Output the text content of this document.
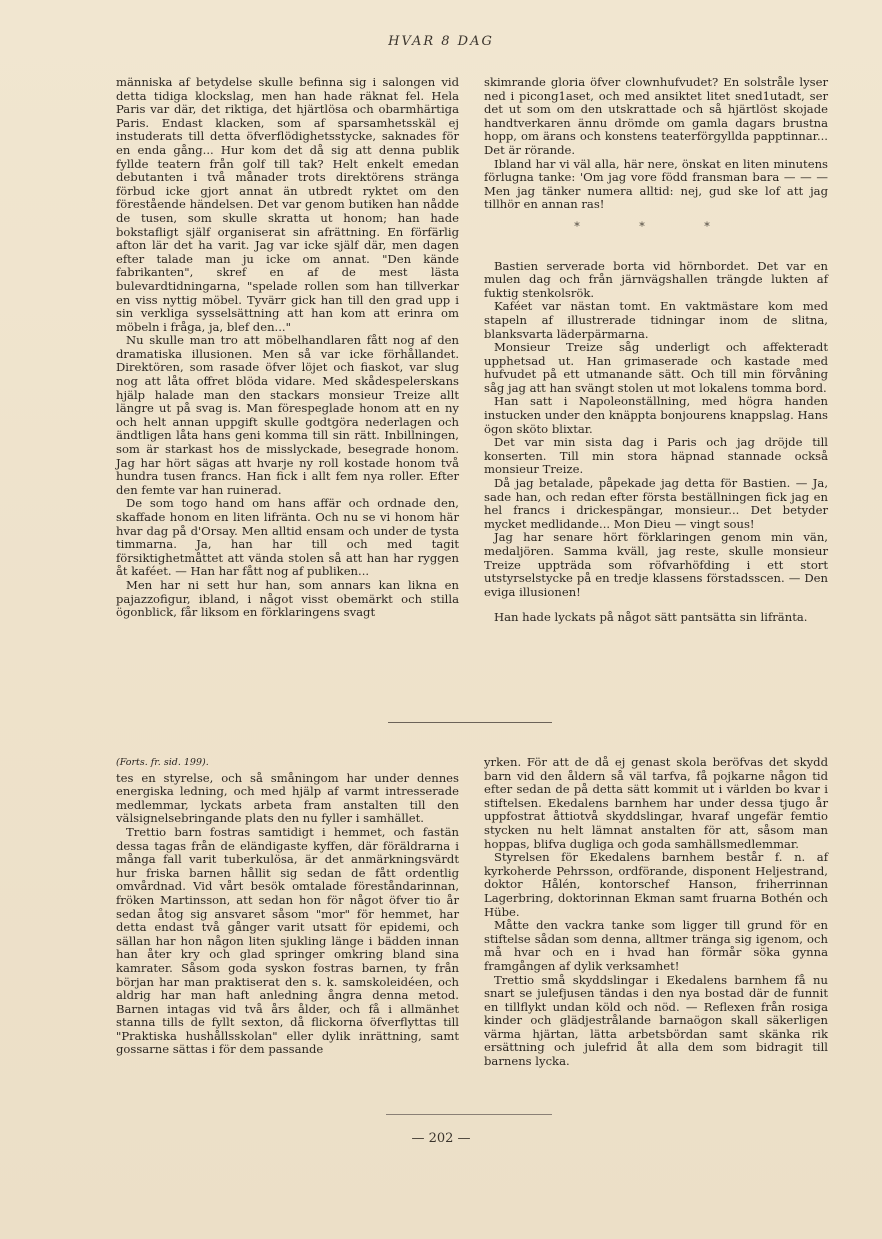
HVAR 8 DAG

människa af betydelse skulle befinna sig i salongen vid detta tidiga klockslag, men han hade räknat fel. Hela Paris var där, det riktiga, det hjärtlösa och obarmhärtiga Paris. Endast klacken, som af sparsamhetsskäl ej instuderats till detta öfverflödighetsstycke, saknades för en enda gång... Hur kom det då sig att denna publik fyllde teatern från golf till tak? Helt enkelt emedan debutanten i två månader trots direktörens stränga förbud icke gjort annat än utbredt ryktet om den förestående händelsen. Det var genom butiken han nådde de tusen, som skulle skratta ut honom; han hade bokstafligt själf organiserat sin afrättning. En förfärlig afton lär det ha varit. Jag var icke själf där, men dagen efter talade man ju icke om annat. "Den kände fabrikanten", skref en af de mest lästa bulevardtidningarna, "spelade rollen som han tillverkar en viss nyttig möbel. Tyvärr gick han till den grad upp i sin verkliga sysselsättning att han kom att erinra om möbeln i fråga, ja, blef den..."

Nu skulle man tro att möbelhandlaren fått nog af den dramatiska illusionen. Men så var icke förhållandet. Direktören, som rasade öfver löjet och fiaskot, var slug nog att låta offret blöda vidare. Med skådespelerskans hjälp halade man den stackars monsieur Treize allt längre ut på svag is. Man förespeglade honom att en ny och helt annan uppgift skulle godtgöra nederlagen och ändtligen låta hans geni komma till sin rätt. Inbillningen, som är starkast hos de misslyckade, besegrade honom. Jag har hört sägas att hvarje ny roll kostade honom två hundra tusen francs. Han fick i allt fem nya roller. Efter den femte var han ruinerad.

De som togo hand om hans affär och ordnade den, skaffade honom en liten lifränta. Och nu se vi honom här hvar dag på d'Orsay. Men alltid ensam och under de tysta timmarna. Ja, han har till och med tagit försiktighetmåttet att vända stolen så att han har ryggen åt kaféet. — Han har fått nog af publiken...

Men har ni sett hur han, som annars kan likna en pajazzofigur, ibland, i något visst obemärkt och stilla ögonblick, får liksom en förklaringens svagt

skimrande gloria öfver clownhufvudet? En solstråle lyser ned i picong1aset, och med ansiktet litet sned1utadt, ser det ut som om den utskrattade och så hjärtlöst skojade handtverkaren ännu drömde om gamla dagars brustna hopp, om ärans och konstens teaterförgyllda papptinnar... Det är rörande.

Ibland har vi väl alla, här nere, önskat en liten minutens förlugna tanke: 'Om jag vore född fransman bara — — — Men jag tänker numera alltid: nej, gud ske lof att jag tillhör en annan ras!

* * *

Bastien serverade borta vid hörnbordet. Det var en mulen dag och från järnvägshallen trängde lukten af fuktig stenkolsrök.

Kaféet var nästan tomt. En vaktmästare kom med stapeln af illustrerade tidningar inom de slitna, blanksvarta läderpärmarna.

Monsieur Treize såg underligt och affekteradt upphetsad ut. Han grimaserade och kastade med hufvudet på ett utmanande sätt. Och till min förvåning såg jag att han svängt stolen ut mot lokalens tomma bord.

Han satt i Napoleonställning, med högra handen instucken under den knäppta bonjourens knappslag. Hans ögon sköto blixtar.

Det var min sista dag i Paris och jag dröjde till konserten. Till min stora häpnad stannade också monsieur Treize.

Då jag betalade, påpekade jag detta för Bastien. — Ja, sade han, och redan efter första beställningen fick jag en hel francs i drickespängar, monsieur... Det betyder mycket medlidande... Mon Dieu — vingt sous!

Jag har senare hört förklaringen genom min vän, medaljören. Samma kväll, jag reste, skulle monsieur Treize uppträda som röfvarhöfding i ett stort utstyrselstycke på en tredje klassens förstadsscen. — Den eviga illusionen!

Han hade lyckats på något sätt pantsätta sin lifränta.

(Forts. fr. sid. 199).

tes en styrelse, och så småningom har under dennes energiska ledning, och med hjälp af varmt intresserade medlemmar, lyckats arbeta fram anstalten till den välsignelsebringande plats den nu fyller i samhället.

Trettio barn fostras samtidigt i hemmet, och fastän dessa tagas från de eländigaste kyffen, där föräldrarna i många fall varit tuberkulösa, är det anmärkningsvärdt hur friska barnen hållit sig sedan de fått ordentlig omvårdnad. Vid vårt besök omtalade föreståndarinnan, fröken Martinsson, att sedan hon för något öfver tio år sedan åtog sig ansvaret såsom "mor" för hemmet, har detta endast två gånger varit utsatt för epidemi, och sällan har hon någon liten sjukling länge i bädden innan han åter kry och glad springer omkring bland sina kamrater. Såsom goda syskon fostras barnen, ty från början har man praktiserat den s. k. samskoleidéen, och aldrig har man haft anledning ångra denna metod. Barnen intagas vid två års ålder, och få i allmänhet stanna tills de fyllt sexton, då flickorna öfverflyttas till "Praktiska hushållsskolan" eller dylik inrättning, samt gossarne sättas i för dem passande

yrken. För att de då ej genast skola beröfvas det skydd barn vid den åldern så väl tarfva, få pojkarne någon tid efter sedan de på detta sätt kommit ut i världen bo kvar i stiftelsen. Ekedalens barnhem har under dessa tjugo år uppfostrat åttiotvå skyddslingar, hvaraf ungefär femtio stycken nu helt lämnat anstalten för att, såsom man hoppas, blifva dugliga och goda samhällsmedlemmar.

Styrelsen för Ekedalens barnhem består f. n. af kyrkoherde Pehrsson, ordförande, disponent Heljestrand, doktor Hålén, kontorschef Hanson, friherrinnan Lagerbring, doktorinnan Ekman samt fruarna Bothén och Hübe.

Måtte den vackra tanke som ligger till grund för en stiftelse sådan som denna, alltmer tränga sig igenom, och må hvar och en i hvad han förmår söka gynna framgången af dylik verksamhet!

Trettio små skyddslingar i Ekedalens barnhem få nu snart se julefjusen tändas i den nya bostad där de funnit en tillflykt undan köld och nöd. — Reflexen från rosiga kinder och glädjestrålande barnaögon skall säkerligen värma hjärtan, lätta arbetsbördan samt skänka rik ersättning och julefrid åt alla dem som bidragit till barnens lycka.

— 202 —
